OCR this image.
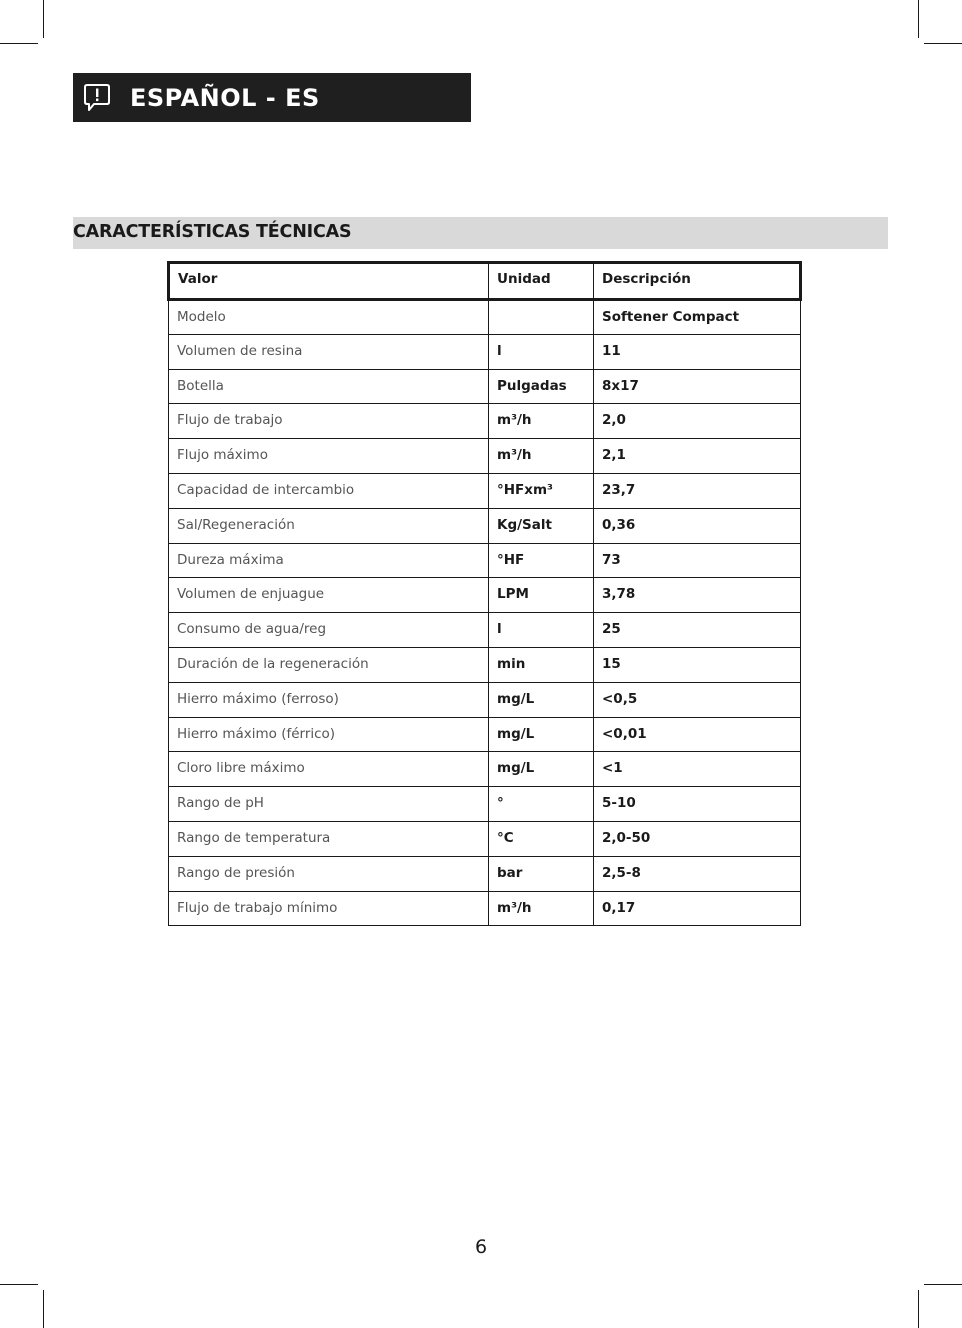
ESPAÑOL - ES
CARACTERÍSTICAS TÉCNICAS
Valor	Unidad	Descripción
Modelo		Softener Compact
Volumen de resina	l	11
Botella	Pulgadas	8x17
Flujo de trabajo	m³/h	2,0
Flujo máximo	m³/h	2,1
Capacidad de intercambio	°HFxm³	23,7
Sal/Regeneración	Kg/Salt	0,36
Dureza máxima	°HF	73
Volumen de enjuague	LPM	3,78
Consumo de agua/reg	l	25
Duración de la regeneración	min	15
Hierro máximo (ferroso)	mg/L	<0,5
Hierro máximo (férrico)	mg/L	<0,01
Cloro libre máximo	mg/L	<1
Rango de pH	°	5-10
Rango de temperatura	°C	2,0-50
Rango de presión	bar	2,5-8
Flujo de trabajo mínimo	m³/h	0,17
6
